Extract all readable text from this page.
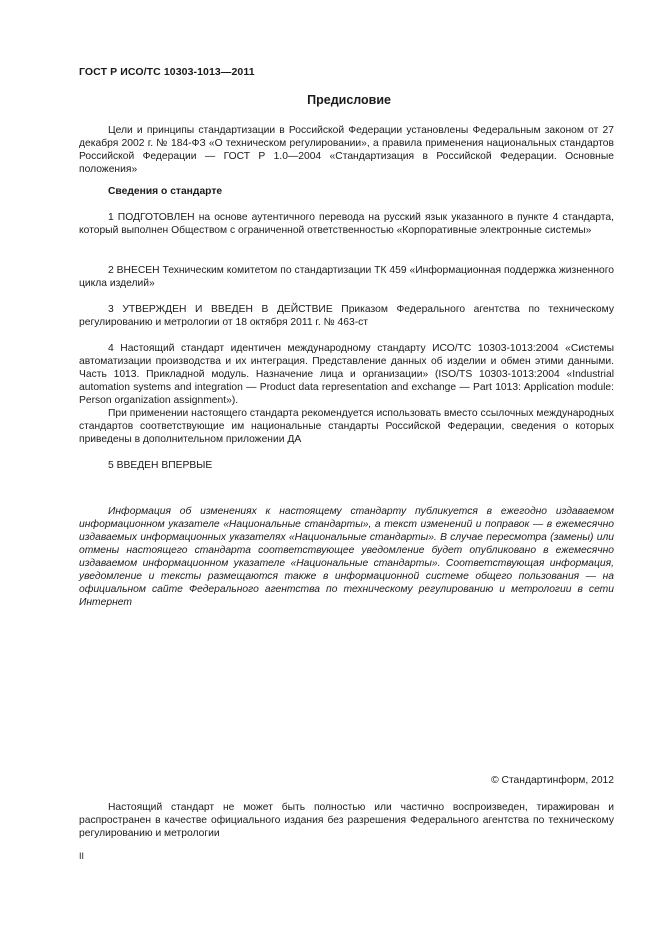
ГОСТ Р ИСО/ТС 10303-1013—2011
Предисловие
Цели и принципы стандартизации в Российской Федерации установлены Федеральным законом от 27 декабря 2002 г. № 184-ФЗ «О техническом регулировании», а правила применения национальных стандартов Российской Федерации — ГОСТ Р 1.0—2004 «Стандартизация в Российской Федерации. Основные положения»
Сведения о стандарте
1 ПОДГОТОВЛЕН на основе аутентичного перевода на русский язык указанного в пункте 4 стандарта, который выполнен Обществом с ограниченной ответственностью «Корпоративные электронные системы»
2 ВНЕСЕН Техническим комитетом по стандартизации ТК 459 «Информационная поддержка жизненного цикла изделий»
3 УТВЕРЖДЕН И ВВЕДЕН В ДЕЙСТВИЕ Приказом Федерального агентства по техническому регулированию и метрологии от 18 октября 2011 г. № 463-ст
4 Настоящий стандарт идентичен международному стандарту ИСО/ТС 10303-1013:2004 «Системы автоматизации производства и их интеграция. Представление данных об изделии и обмен этими данными. Часть 1013. Прикладной модуль. Назначение лица и организации» (ISO/TS 10303-1013:2004 «Industrial automation systems and integration — Product data representation and exchange — Part 1013: Application module: Person organization assignment»).
При применении настоящего стандарта рекомендуется использовать вместо ссылочных международных стандартов соответствующие им национальные стандарты Российской Федерации, сведения о которых приведены в дополнительном приложении ДА
5 ВВЕДЕН ВПЕРВЫЕ
Информация об изменениях к настоящему стандарту публикуется в ежегодно издаваемом информационном указателе «Национальные стандарты», а текст изменений и поправок — в ежемесячно издаваемых информационных указателях «Национальные стандарты». В случае пересмотра (замены) или отмены настоящего стандарта соответствующее уведомление будет опубликовано в ежемесячно издаваемом информационном указателе «Национальные стандарты». Соответствующая информация, уведомление и тексты размещаются также в информационной системе общего пользования — на официальном сайте Федерального агентства по техническому регулированию и метрологии в сети Интернет
© Стандартинформ, 2012
Настоящий стандарт не может быть полностью или частично воспроизведен, тиражирован и распространен в качестве официального издания без разрешения Федерального агентства по техническому регулированию и метрологии
II
